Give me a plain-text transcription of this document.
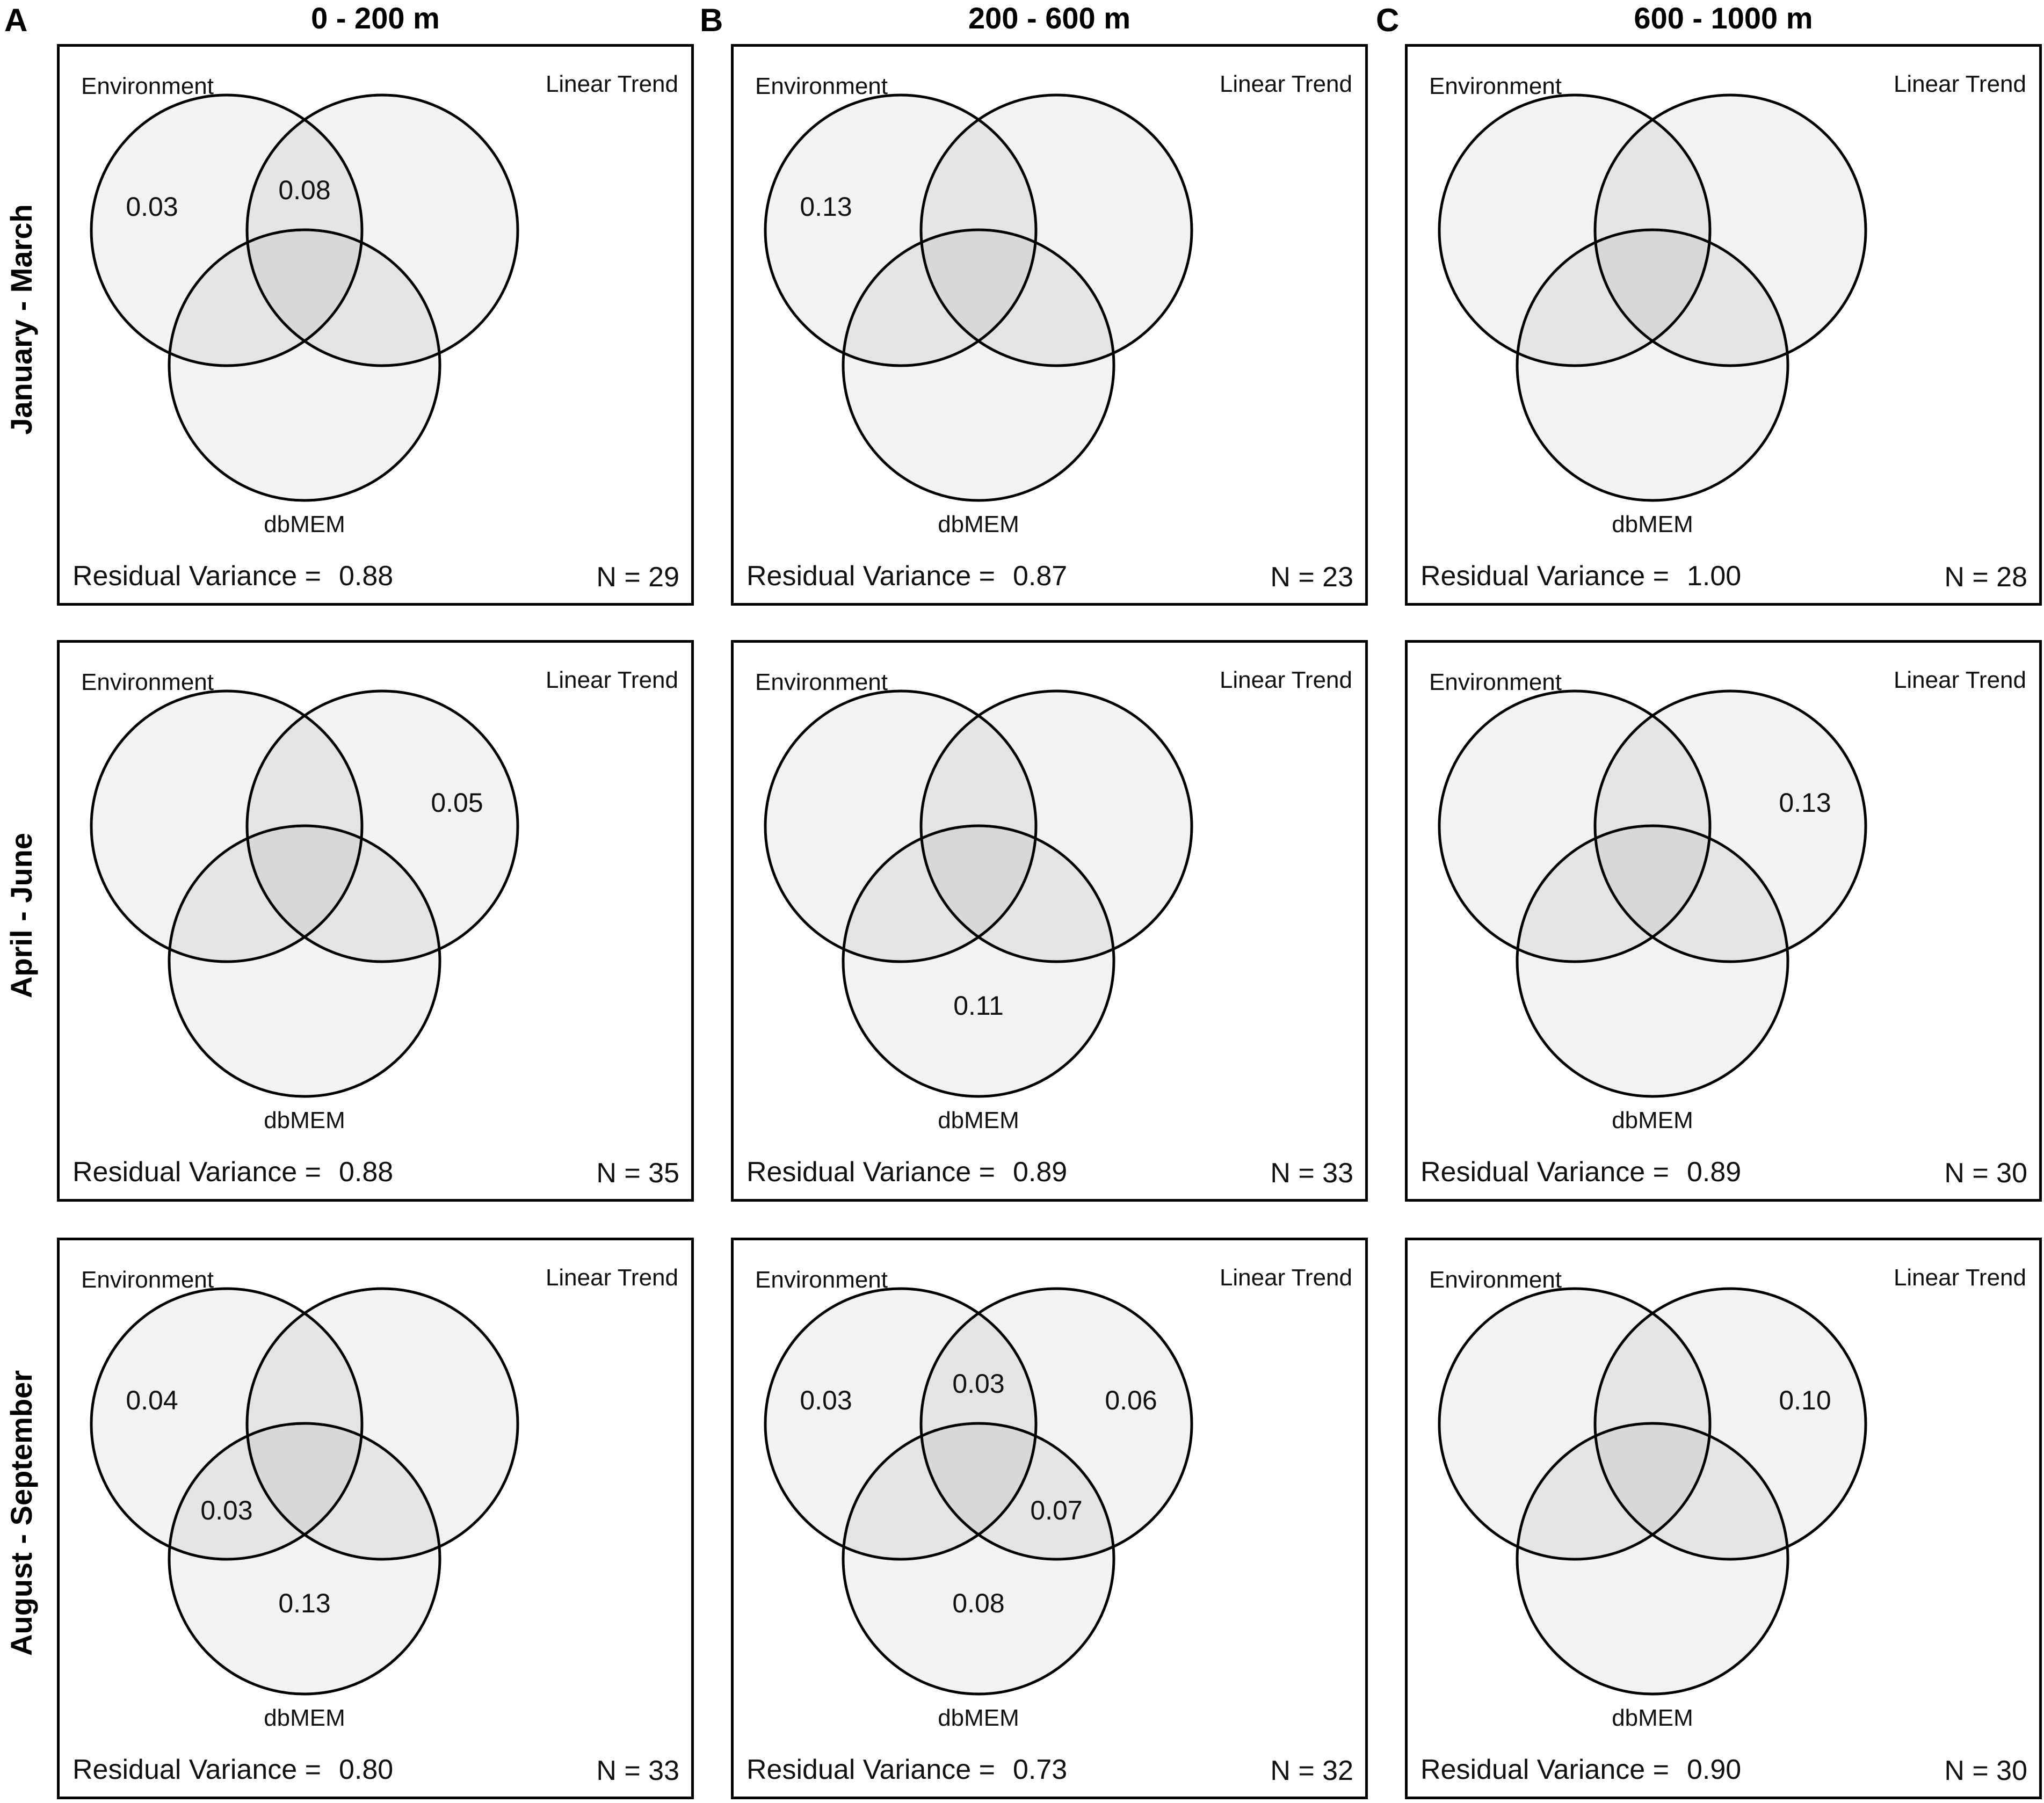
A	B	C
0 - 200 m	200 - 600 m	600 - 1000 m
January - March
April - June
August - September
Environment	Linear Trend
dbMEM
0.03
0.08
Residual Variance = 0.88	N = 29
Environment	Linear Trend
dbMEM
0.13
Residual Variance = 0.87	N = 23
Environment	Linear Trend
dbMEM
Residual Variance = 1.00	N = 28
Environment	Linear Trend
dbMEM
0.05
Residual Variance = 0.88	N = 35
Environment	Linear Trend
dbMEM
0.11
Residual Variance = 0.89	N = 33
Environment	Linear Trend
dbMEM
0.13
Residual Variance = 0.89	N = 30
Environment	Linear Trend
dbMEM
0.04
0.03
0.13
Residual Variance = 0.80	N = 33
Environment	Linear Trend
dbMEM
0.03
0.03
0.06
0.07
0.08
Residual Variance = 0.73	N = 32
Environment	Linear Trend
dbMEM
0.10
Residual Variance = 0.90	N = 30
